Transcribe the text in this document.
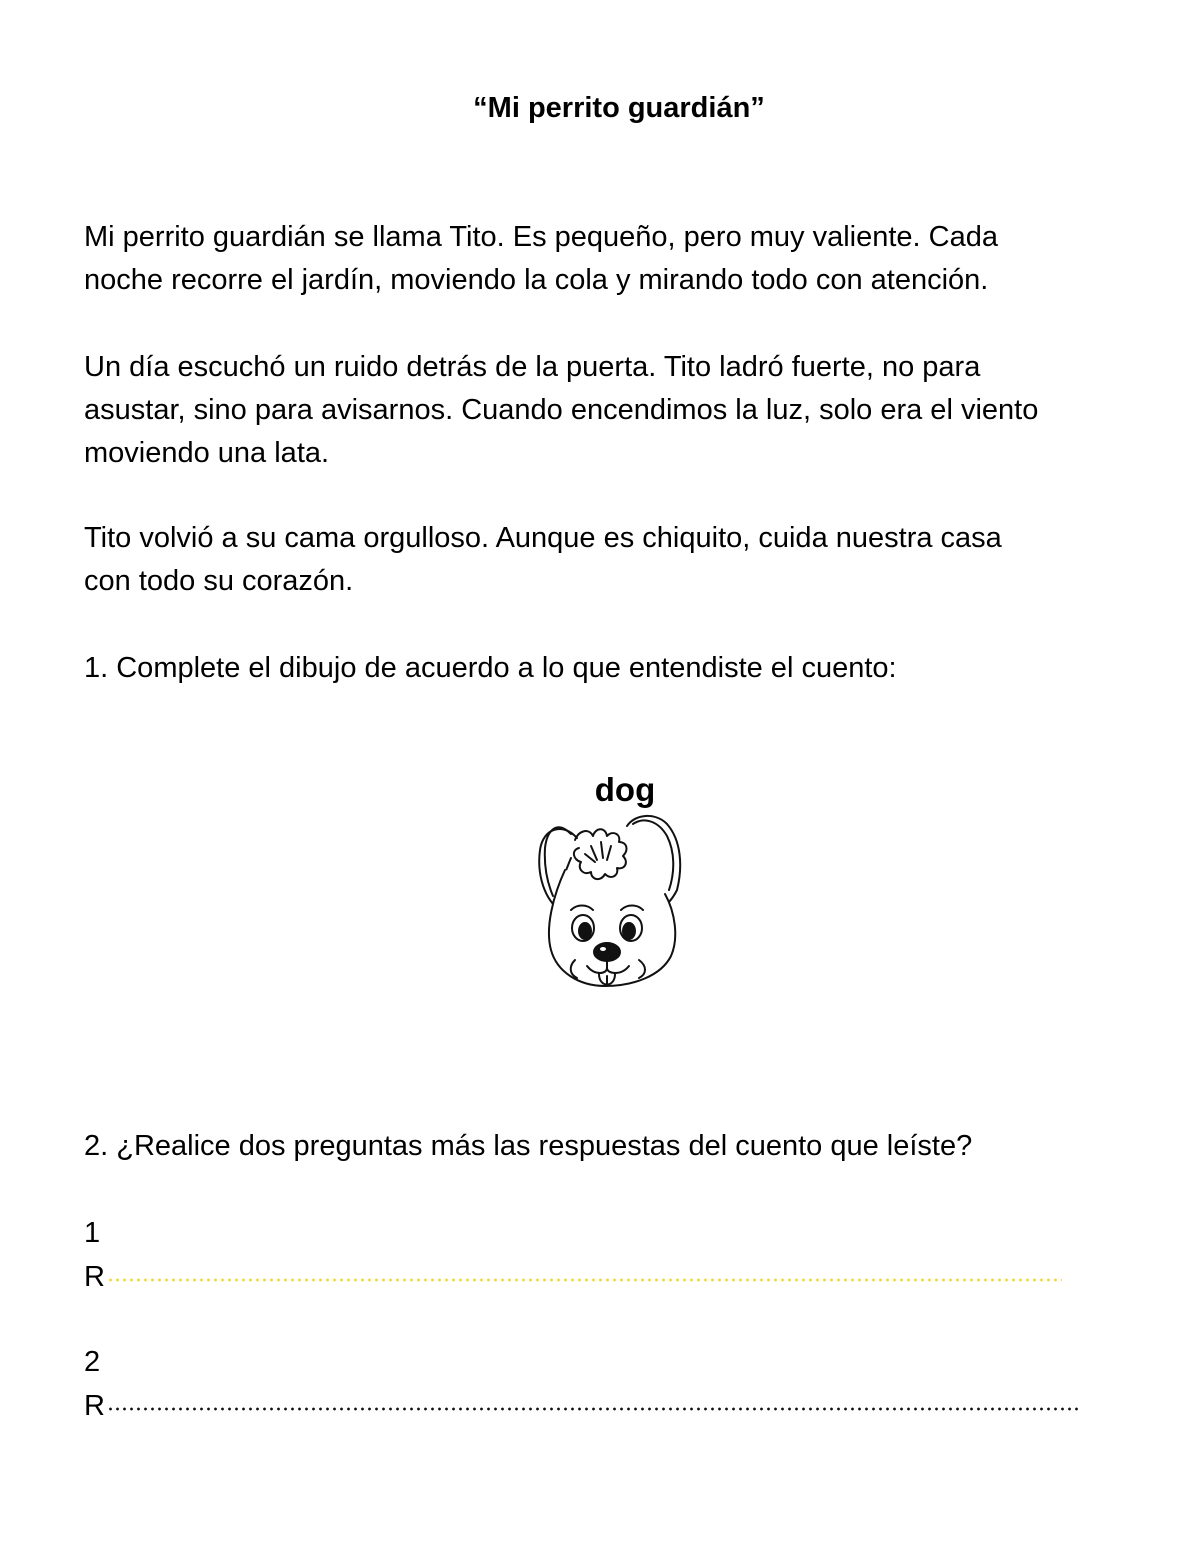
“Mi perrito guardián”

Mi perrito guardián se llama Tito. Es pequeño, pero muy valiente. Cada
noche recorre el jardín, moviendo la cola y mirando todo con atención.

Un día escuchó un ruido detrás de la puerta. Tito ladró fuerte, no para
asustar, sino para avisarnos. Cuando encendimos la luz, solo era el viento
moviendo una lata.

Tito volvió a su cama orgulloso. Aunque es chiquito, cuida nuestra casa
con todo su corazón.

1. Complete el dibujo de acuerdo a lo que entendiste el cuento:

dog

2. ¿Realice dos preguntas más las respuestas del cuento que leíste?

1
R
2
R
